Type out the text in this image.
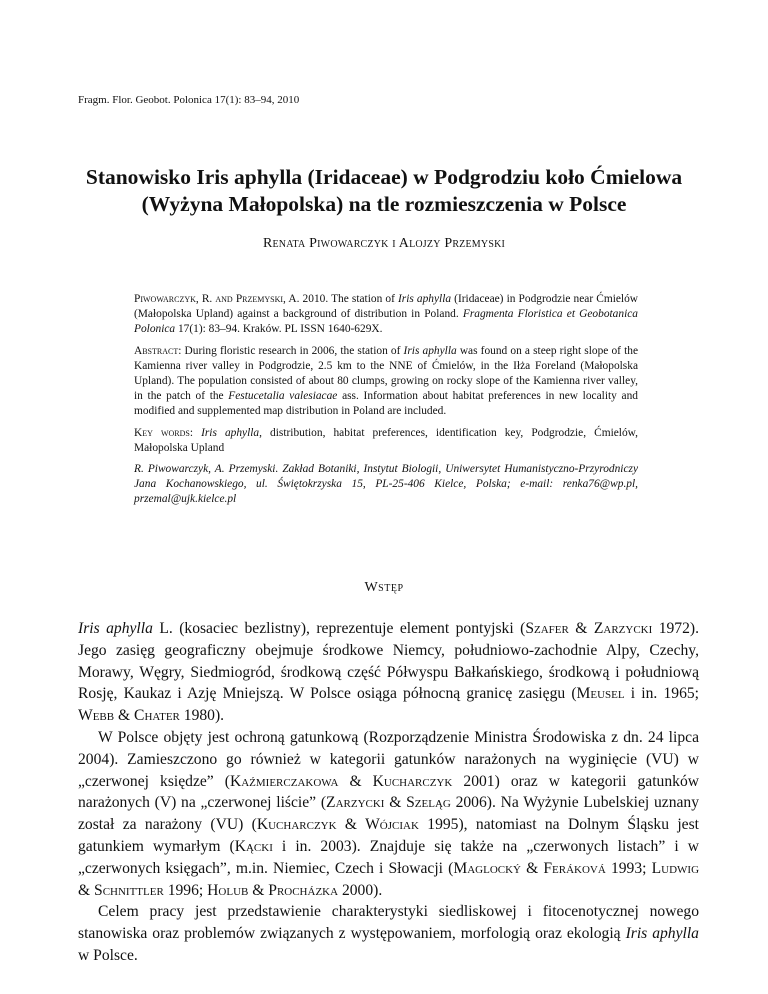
Fragm. Flor. Geobot. Polonica 17(1): 83–94, 2010
Stanowisko Iris aphylla (Iridaceae) w Podgrodziu koło Ćmielowa
(Wyżyna Małopolska) na tle rozmieszczenia w Polsce
Renata Piwowarczyk i Alojzy Przemyski

Piwowarczyk, R. and Przemyski, A. 2010. The station of Iris aphylla (Iridaceae) in Podgrodzie near Ćmielów (Małopolska Upland) against a background of distribution in Poland. Fragmenta Floristica et Geobotanica Polonica 17(1): 83–94. Kraków. PL ISSN 1640-629X.

Abstract: During floristic research in 2006, the station of Iris aphylla was found on a steep right slope of the Kamienna river valley in Podgrodzie, 2.5 km to the NNE of Ćmielów, in the Iłża Foreland (Małopolska Upland). The population consisted of about 80 clumps, growing on rocky slope of the Kamienna river valley, in the patch of the Festucetalia valesiacae ass. Information about habitat preferences in new locality and modified and supplemented map distribution in Poland are included.

Key words: Iris aphylla, distribution, habitat preferences, identification key, Podgrodzie, Ćmielów, Małopolska Upland

R. Piwowarczyk, A. Przemyski. Zakład Botaniki, Instytut Biologii, Uniwersytet Humanistyczno-Przyrodniczy Jana Kochanowskiego, ul. Świętokrzyska 15, PL-25-406 Kielce, Polska; e-mail: renka76@wp.pl, przemal@ujk.kielce.pl

Wstęp

Iris aphylla L. (kosaciec bezlistny), reprezentuje element pontyjski (Szafer & Zarzycki 1972). Jego zasięg geograficzny obejmuje środkowe Niemcy, południowo-zachodnie Alpy, Czechy, Morawy, Węgry, Siedmiogród, środkową część Półwyspu Bałkańskiego, środkową i południową Rosję, Kaukaz i Azję Mniejszą. W Polsce osiąga północną granicę zasięgu (Meusel i in. 1965; Webb & Chater 1980).

W Polsce objęty jest ochroną gatunkową (Rozporządzenie Ministra Środowiska z dn. 24 lipca 2004). Zamieszczono go również w kategorii gatunków narażonych na wyginięcie (VU) w „czerwonej księdze” (Kaźmierczakowa & Kucharczyk 2001) oraz w kategorii gatunków narażonych (V) na „czerwonej liście” (Zarzycki & Szeląg 2006). Na Wyżynie Lubelskiej uznany został za narażony (VU) (Kucharczyk & Wójciak 1995), natomiast na Dolnym Śląsku jest gatunkiem wymarłym (Kącki i in. 2003). Znajduje się także na „czerwonych listach” i w „czerwonych księgach”, m.in. Niemiec, Czech i Słowacji (Maglocký & Feráková 1993; Ludwig & Schnittler 1996; Holub & Procházka 2000).

Celem pracy jest przedstawienie charakterystyki siedliskowej i fitocenotycznej nowego stanowiska oraz problemów związanych z występowaniem, morfologią oraz ekologią Iris aphylla w Polsce.
